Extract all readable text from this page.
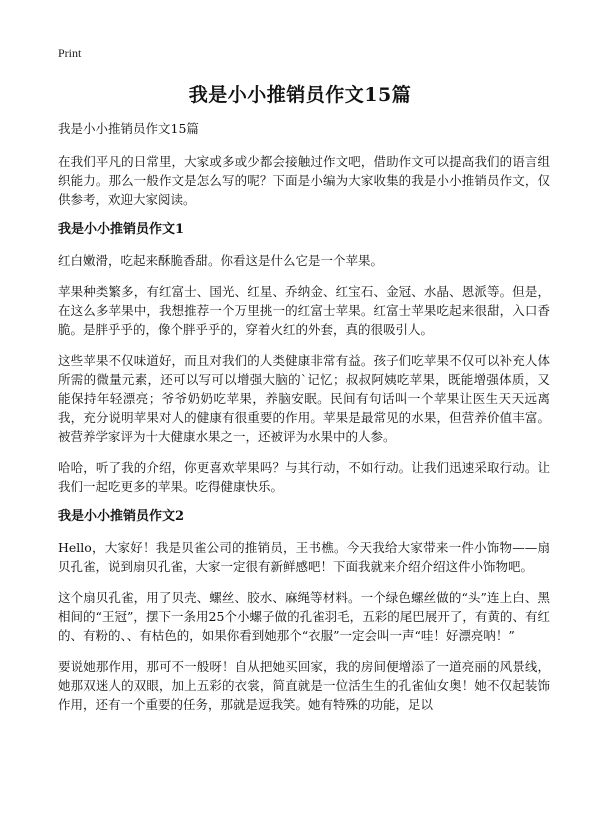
Print
我是小小推销员作文15篇
我是小小推销员作文15篇

在我们平凡的日常里，大家或多或少都会接触过作文吧，借助作文可以提高我们的语言组织能力。那么一般作文是怎么写的呢？下面是小编为大家收集的我是小小推销员作文，仅供参考，欢迎大家阅读。

我是小小推销员作文1

红白嫩滑，吃起来酥脆香甜。你看这是什么它是一个苹果。

苹果种类繁多，有红富士、国光、红星、乔纳金、红宝石、金冠、水晶、恩派等。但是，在这么多苹果中，我想推荐一个万里挑一的红富士苹果。红富士苹果吃起来很甜，入口香脆。是胖乎乎的，像个胖乎乎的，穿着火红的外套，真的很吸引人。

这些苹果不仅味道好，而且对我们的人类健康非常有益。孩子们吃苹果不仅可以补充人体所需的微量元素，还可以写可以增强大脑的`记忆；叔叔阿姨吃苹果，既能增强体质，又能保持年轻漂亮；爷爷奶奶吃苹果，养脑安眠。民间有句话叫一个苹果让医生天天远离我，充分说明苹果对人的健康有很重要的作用。苹果是最常见的水果，但营养价值丰富。被营养学家评为十大健康水果之一，还被评为水果中的人参。

哈哈，听了我的介绍，你更喜欢苹果吗？与其行动，不如行动。让我们迅速采取行动。让我们一起吃更多的苹果。吃得健康快乐。

我是小小推销员作文2

Hello，大家好！我是贝雀公司的推销员，王书樵。今天我给大家带来一件小饰物——扇贝孔雀，说到扇贝孔雀，大家一定很有新鲜感吧！下面我就来介绍介绍这件小饰物吧。

这个扇贝孔雀，用了贝壳、螺丝、胶水、麻绳等材料。一个绿色螺丝做的“头”连上白、黑相间的“王冠”，摆下一条用25个小螺子做的孔雀羽毛，五彩的尾巴展开了，有黄的、有红的、有粉的、、有枯色的，如果你看到她那个“衣服”一定会叫一声“哇！好漂亮呐！”

要说她那作用，那可不一般呀！自从把她买回家，我的房间便增添了一道亮丽的风景线，她那双迷人的双眼，加上五彩的衣裳，简直就是一位活生生的孔雀仙女奥！她不仅起装饰作用，还有一个重要的任务，那就是逗我笑。她有特殊的功能，足以
